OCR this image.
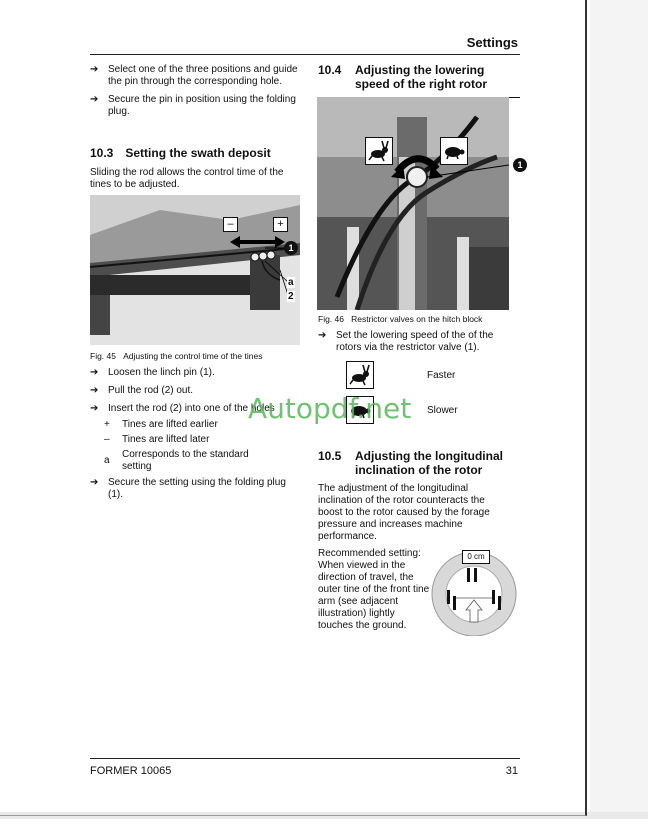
Settings
➔ Select one of the three positions and guide the pin through the corresponding hole.
➔ Secure the pin in position using the folding plug.
10.3 Setting the swath deposit
Sliding the rod allows the control time of the tines to be adjusted.
–	+
1
a
2
Fig. 45 Adjusting the control time of the tines
➔ Loosen the linch pin (1).
➔ Pull the rod (2) out.
➔ Insert the rod (2) into one of the holes
+ Tines are lifted earlier
– Tines are lifted later
a
Corresponds to the standard setting
➔ Secure the setting using the folding plug (1).
10.4 Adjusting the lowering
speed of the right rotor
1
Fig. 46 Restrictor valves on the hitch block
➔ Set the lowering speed of the of the rotors via the restrictor valve (1).
Faster
Slower
10.5 Adjusting the longitudinal
inclination of the rotor
The adjustment of the longitudinal inclination of the rotor counteracts the boost to the rotor caused by the forage pressure and increases machine performance.
Recommended setting:
When viewed in the direction of travel, the outer tine of the front tine arm (see adjacent illustration) lightly touches the ground.
0 cm
Autopdf.net
FORMER 10065	31
